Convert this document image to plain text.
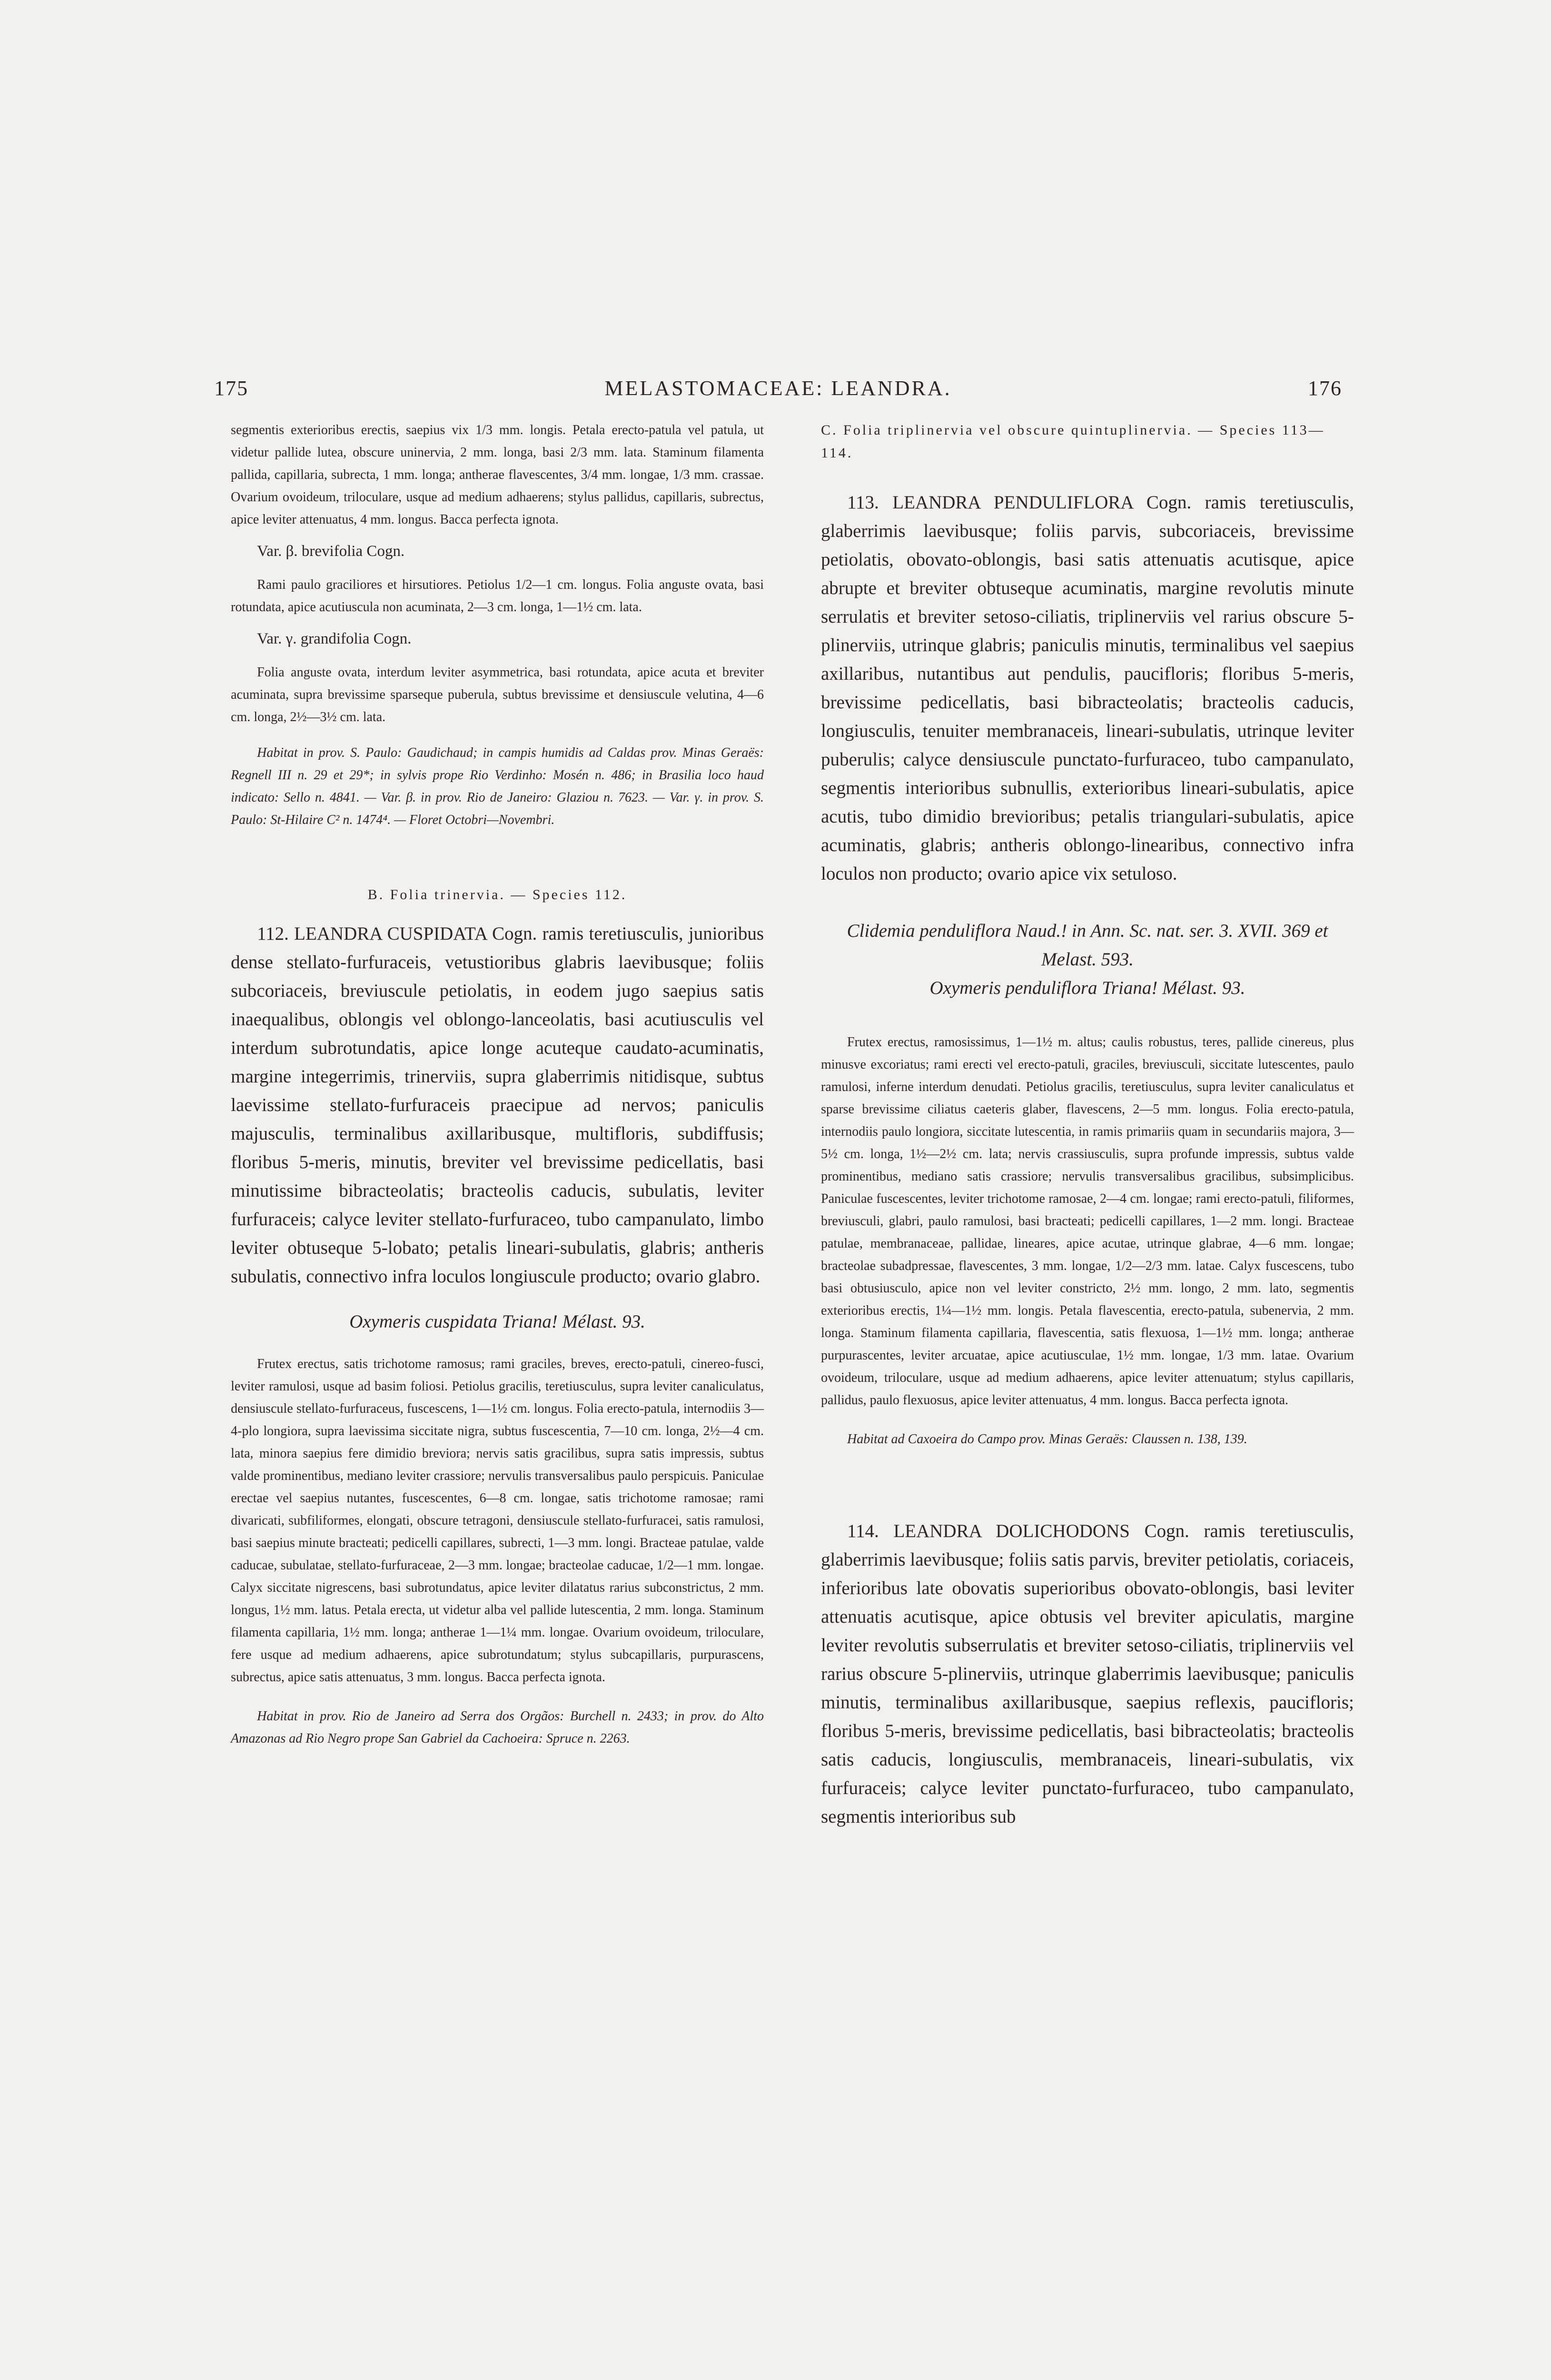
175	MELASTOMACEAE: LEANDRA.	176

segmentis exterioribus erectis, saepius vix 1/3 mm. longis. Petala erecto-patula vel patula, ut videtur pallide lutea, obscure uninervia, 2 mm. longa, basi 2/3 mm. lata. Staminum filamenta pallida, capillaria, subrecta, 1 mm. longa; antherae flavescentes, 3/4 mm. longae, 1/3 mm. crassae. Ovarium ovoideum, triloculare, usque ad medium adhaerens; stylus pallidus, capillaris, subrectus, apice leviter attenuatus, 4 mm. longus. Bacca perfecta ignota.

Var. β. brevifolia Cogn.

Rami paulo graciliores et hirsutiores. Petiolus 1/2—1 cm. longus. Folia anguste ovata, basi rotundata, apice acutiuscula non acuminata, 2—3 cm. longa, 1—1½ cm. lata.

Var. γ. grandifolia Cogn.

Folia anguste ovata, interdum leviter asymmetrica, basi rotundata, apice acuta et breviter acuminata, supra brevissime sparseque puberula, subtus brevissime et densiuscule velutina, 4—6 cm. longa, 2½—3½ cm. lata.

Habitat in prov. S. Paulo: Gaudichaud; in campis humidis ad Caldas prov. Minas Geraës: Regnell III n. 29 et 29*; in sylvis prope Rio Verdinho: Mosén n. 486; in Brasilia loco haud indicato: Sello n. 4841. — Var. β. in prov. Rio de Janeiro: Glaziou n. 7623. — Var. γ. in prov. S. Paulo: St-Hilaire C² n. 1474⁴. — Floret Octobri—Novembri.

B. Folia trinervia. — Species 112.

112. LEANDRA CUSPIDATA Cogn. ramis teretiusculis, junioribus dense stellato-furfuraceis, vetustioribus glabris laevibusque; foliis subcoriaceis, breviuscule petiolatis, in eodem jugo saepius satis inaequalibus, oblongis vel oblongo-lanceolatis, basi acutiusculis vel interdum subrotundatis, apice longe acuteque caudato-acuminatis, margine integerrimis, trinerviis, supra glaberrimis nitidisque, subtus laevissime stellato-furfuraceis praecipue ad nervos; paniculis majusculis, terminalibus axillaribusque, multifloris, subdiffusis; floribus 5-meris, minutis, breviter vel brevissime pedicellatis, basi minutissime bibracteolatis; bracteolis caducis, subulatis, leviter furfuraceis; calyce leviter stellato-furfuraceo, tubo campanulato, limbo leviter obtuseque 5-lobato; petalis lineari-subulatis, glabris; antheris subulatis, connectivo infra loculos longiuscule producto; ovario glabro.

Oxymeris cuspidata Triana! Mélast. 93.

Frutex erectus, satis trichotome ramosus; rami graciles, breves, erecto-patuli, cinereo-fusci, leviter ramulosi, usque ad basim foliosi. Petiolus gracilis, teretiusculus, supra leviter canaliculatus, densiuscule stellato-furfuraceus, fuscescens, 1—1½ cm. longus. Folia erecto-patula, internodiis 3—4-plo longiora, supra laevissima siccitate nigra, subtus fuscescentia, 7—10 cm. longa, 2½—4 cm. lata, minora saepius fere dimidio breviora; nervis satis gracilibus, supra satis impressis, subtus valde prominentibus, mediano leviter crassiore; nervulis transversalibus paulo perspicuis. Paniculae erectae vel saepius nutantes, fuscescentes, 6—8 cm. longae, satis trichotome ramosae; rami divaricati, subfiliformes, elongati, obscure tetragoni, densiuscule stellato-furfuracei, satis ramulosi, basi saepius minute bracteati; pedicelli capillares, subrecti, 1—3 mm. longi. Bracteae patulae, valde caducae, subulatae, stellato-furfuraceae, 2—3 mm. longae; bracteolae caducae, 1/2—1 mm. longae. Calyx siccitate nigrescens, basi subrotundatus, apice leviter dilatatus rarius subconstrictus, 2 mm. longus, 1½ mm. latus. Petala erecta, ut videtur alba vel pallide lutescentia, 2 mm. longa. Staminum filamenta capillaria, 1½ mm. longa; antherae 1—1¼ mm. longae. Ovarium ovoideum, triloculare, fere usque ad medium adhaerens, apice subrotundatum; stylus subcapillaris, purpurascens, subrectus, apice satis attenuatus, 3 mm. longus. Bacca perfecta ignota.

Habitat in prov. Rio de Janeiro ad Serra dos Orgãos: Burchell n. 2433; in prov. do Alto Amazonas ad Rio Negro prope San Gabriel da Cachoeira: Spruce n. 2263.

C. Folia triplinervia vel obscure quintuplinervia. — Species 113—114.

113. LEANDRA PENDULIFLORA Cogn. ramis teretiusculis, glaberrimis laevibusque; foliis parvis, subcoriaceis, brevissime petiolatis, obovato-oblongis, basi satis attenuatis acutisque, apice abrupte et breviter obtuseque acuminatis, margine revolutis minute serrulatis et breviter setoso-ciliatis, triplinerviis vel rarius obscure 5-plinerviis, utrinque glabris; paniculis minutis, terminalibus vel saepius axillaribus, nutantibus aut pendulis, paucifloris; floribus 5-meris, brevissime pedicellatis, basi bibracteolatis; bracteolis caducis, longiusculis, tenuiter membranaceis, lineari-subulatis, utrinque leviter puberulis; calyce densiuscule punctato-furfuraceo, tubo campanulato, segmentis interioribus subnullis, exterioribus lineari-subulatis, apice acutis, tubo dimidio brevioribus; petalis triangulari-subulatis, apice acuminatis, glabris; antheris oblongo-linearibus, connectivo infra loculos non producto; ovario apice vix setuloso.

Clidemia penduliflora Naud.! in Ann. Sc. nat. ser. 3. XVII. 369 et Melast. 593.

Oxymeris penduliflora Triana! Mélast. 93.

Frutex erectus, ramosissimus, 1—1½ m. altus; caulis robustus, teres, pallide cinereus, plus minusve excoriatus; rami erecti vel erecto-patuli, graciles, breviusculi, siccitate lutescentes, paulo ramulosi, inferne interdum denudati. Petiolus gracilis, teretiusculus, supra leviter canaliculatus et sparse brevissime ciliatus caeteris glaber, flavescens, 2—5 mm. longus. Folia erecto-patula, internodiis paulo longiora, siccitate lutescentia, in ramis primariis quam in secundariis majora, 3—5½ cm. longa, 1½—2½ cm. lata; nervis crassiusculis, supra profunde impressis, subtus valde prominentibus, mediano satis crassiore; nervulis transversalibus gracilibus, subsimplicibus. Paniculae fuscescentes, leviter trichotome ramosae, 2—4 cm. longae; rami erecto-patuli, filiformes, breviusculi, glabri, paulo ramulosi, basi bracteati; pedicelli capillares, 1—2 mm. longi. Bracteae patulae, membranaceae, pallidae, lineares, apice acutae, utrinque glabrae, 4—6 mm. longae; bracteolae subadpressae, flavescentes, 3 mm. longae, 1/2—2/3 mm. latae. Calyx fuscescens, tubo basi obtusiusculo, apice non vel leviter constricto, 2½ mm. longo, 2 mm. lato, segmentis exterioribus erectis, 1¼—1½ mm. longis. Petala flavescentia, erecto-patula, subenervia, 2 mm. longa. Staminum filamenta capillaria, flavescentia, satis flexuosa, 1—1½ mm. longa; antherae purpurascentes, leviter arcuatae, apice acutiusculae, 1½ mm. longae, 1/3 mm. latae. Ovarium ovoideum, triloculare, usque ad medium adhaerens, apice leviter attenuatum; stylus capillaris, pallidus, paulo flexuosus, apice leviter attenuatus, 4 mm. longus. Bacca perfecta ignota.

Habitat ad Caxoeira do Campo prov. Minas Geraës: Claussen n. 138, 139.

114. LEANDRA DOLICHODONS Cogn. ramis teretiusculis, glaberrimis laevibusque; foliis satis parvis, breviter petiolatis, coriaceis, inferioribus late obovatis superioribus obovato-oblongis, basi leviter attenuatis acutisque, apice obtusis vel breviter apiculatis, margine leviter revolutis subserrulatis et breviter setoso-ciliatis, triplinerviis vel rarius obscure 5-plinerviis, utrinque glaberrimis laevibusque; paniculis minutis, terminalibus axillaribusque, saepius reflexis, paucifloris; floribus 5-meris, brevissime pedicellatis, basi bibracteolatis; bracteolis satis caducis, longiusculis, membranaceis, lineari-subulatis, vix furfuraceis; calyce leviter punctato-furfuraceo, tubo campanulato, segmentis interioribus sub
